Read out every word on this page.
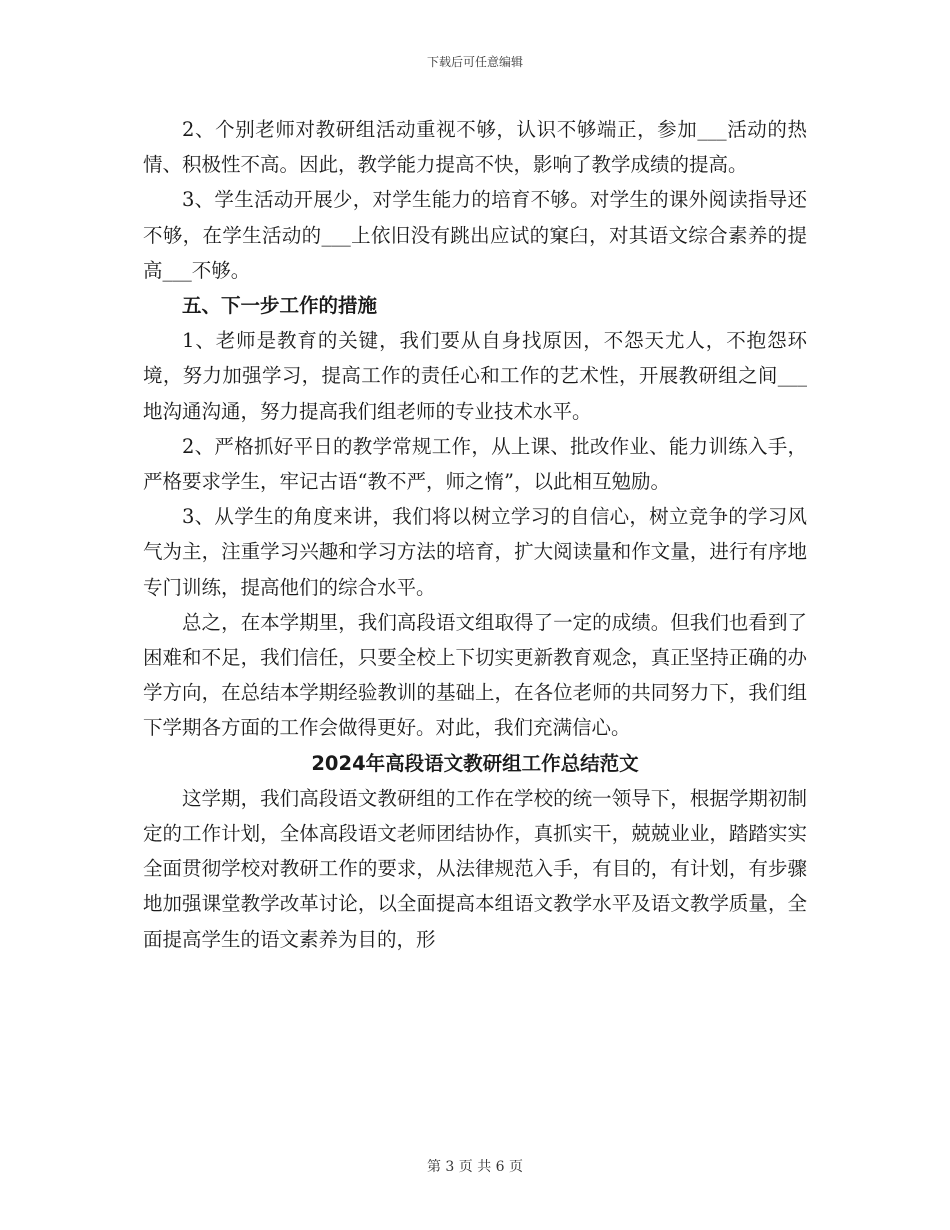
下载后可任意编辑

2、个别老师对教研组活动重视不够，认识不够端正，参加___活动的热情、积极性不高。因此，教学能力提高不快，影响了教学成绩的提高。

3、学生活动开展少，对学生能力的培育不够。对学生的课外阅读指导还不够，在学生活动的___上依旧没有跳出应试的窠臼，对其语文综合素养的提高___不够。

五、下一步工作的措施

1、老师是教育的关键，我们要从自身找原因，不怨天尤人，不抱怨环境，努力加强学习，提高工作的责任心和工作的艺术性，开展教研组之间___地沟通沟通，努力提高我们组老师的专业技术水平。

2、严格抓好平日的教学常规工作，从上课、批改作业、能力训练入手，严格要求学生，牢记古语“教不严，师之惰”，以此相互勉励。

3、从学生的角度来讲，我们将以树立学习的自信心，树立竞争的学习风气为主，注重学习兴趣和学习方法的培育，扩大阅读量和作文量，进行有序地专门训练，提高他们的综合水平。

总之，在本学期里，我们高段语文组取得了一定的成绩。但我们也看到了困难和不足，我们信任，只要全校上下切实更新教育观念，真正坚持正确的办学方向，在总结本学期经验教训的基础上，在各位老师的共同努力下，我们组下学期各方面的工作会做得更好。对此，我们充满信心。

2024年高段语文教研组工作总结范文

这学期，我们高段语文教研组的工作在学校的统一领导下，根据学期初制定的工作计划，全体高段语文老师团结协作，真抓实干，兢兢业业，踏踏实实全面贯彻学校对教研工作的要求，从法律规范入手，有目的，有计划，有步骤地加强课堂教学改革讨论，以全面提高本组语文教学水平及语文教学质量，全面提高学生的语文素养为目的，形

第 3 页 共 6 页
